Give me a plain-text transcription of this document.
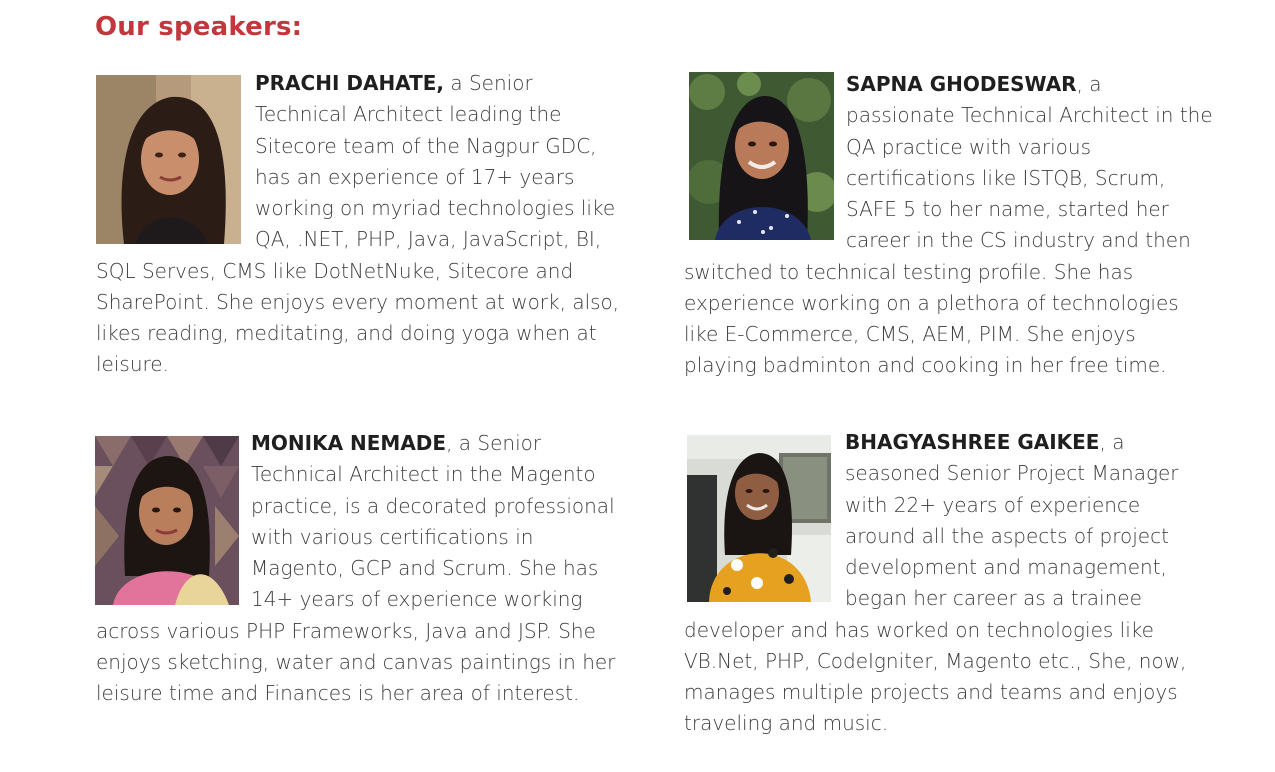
Our speakers:

PRACHI DAHATE, a Senior Technical Architect leading the Sitecore team of the Nagpur GDC, has an experience of 17+ years working on myriad technologies like QA, .NET, PHP, Java, JavaScript, BI, SQL Serves, CMS like DotNetNuke, Sitecore and SharePoint. She enjoys every moment at work, also, likes reading, meditating, and doing yoga when at leisure.

SAPNA GHODESWAR, a passionate Technical Architect in the QA practice with various certifications like ISTQB, Scrum, SAFE 5 to her name, started her career in the CS industry and then switched to technical testing profile. She has experience working on a plethora of technologies like E-Commerce, CMS, AEM, PIM. She enjoys playing badminton and cooking in her free time.

MONIKA NEMADE, a Senior Technical Architect in the Magento practice, is a decorated professional with various certifications in Magento, GCP and Scrum. She has 14+ years of experience working across various PHP Frameworks, Java and JSP. She enjoys sketching, water and canvas paintings in her leisure time and Finances is her area of interest.

BHAGYASHREE GAIKEE, a seasoned Senior Project Manager with 22+ years of experience around all the aspects of project development and management, began her career as a trainee developer and has worked on technologies like VB.Net, PHP, CodeIgniter, Magento etc., She, now, manages multiple projects and teams and enjoys traveling and music.
